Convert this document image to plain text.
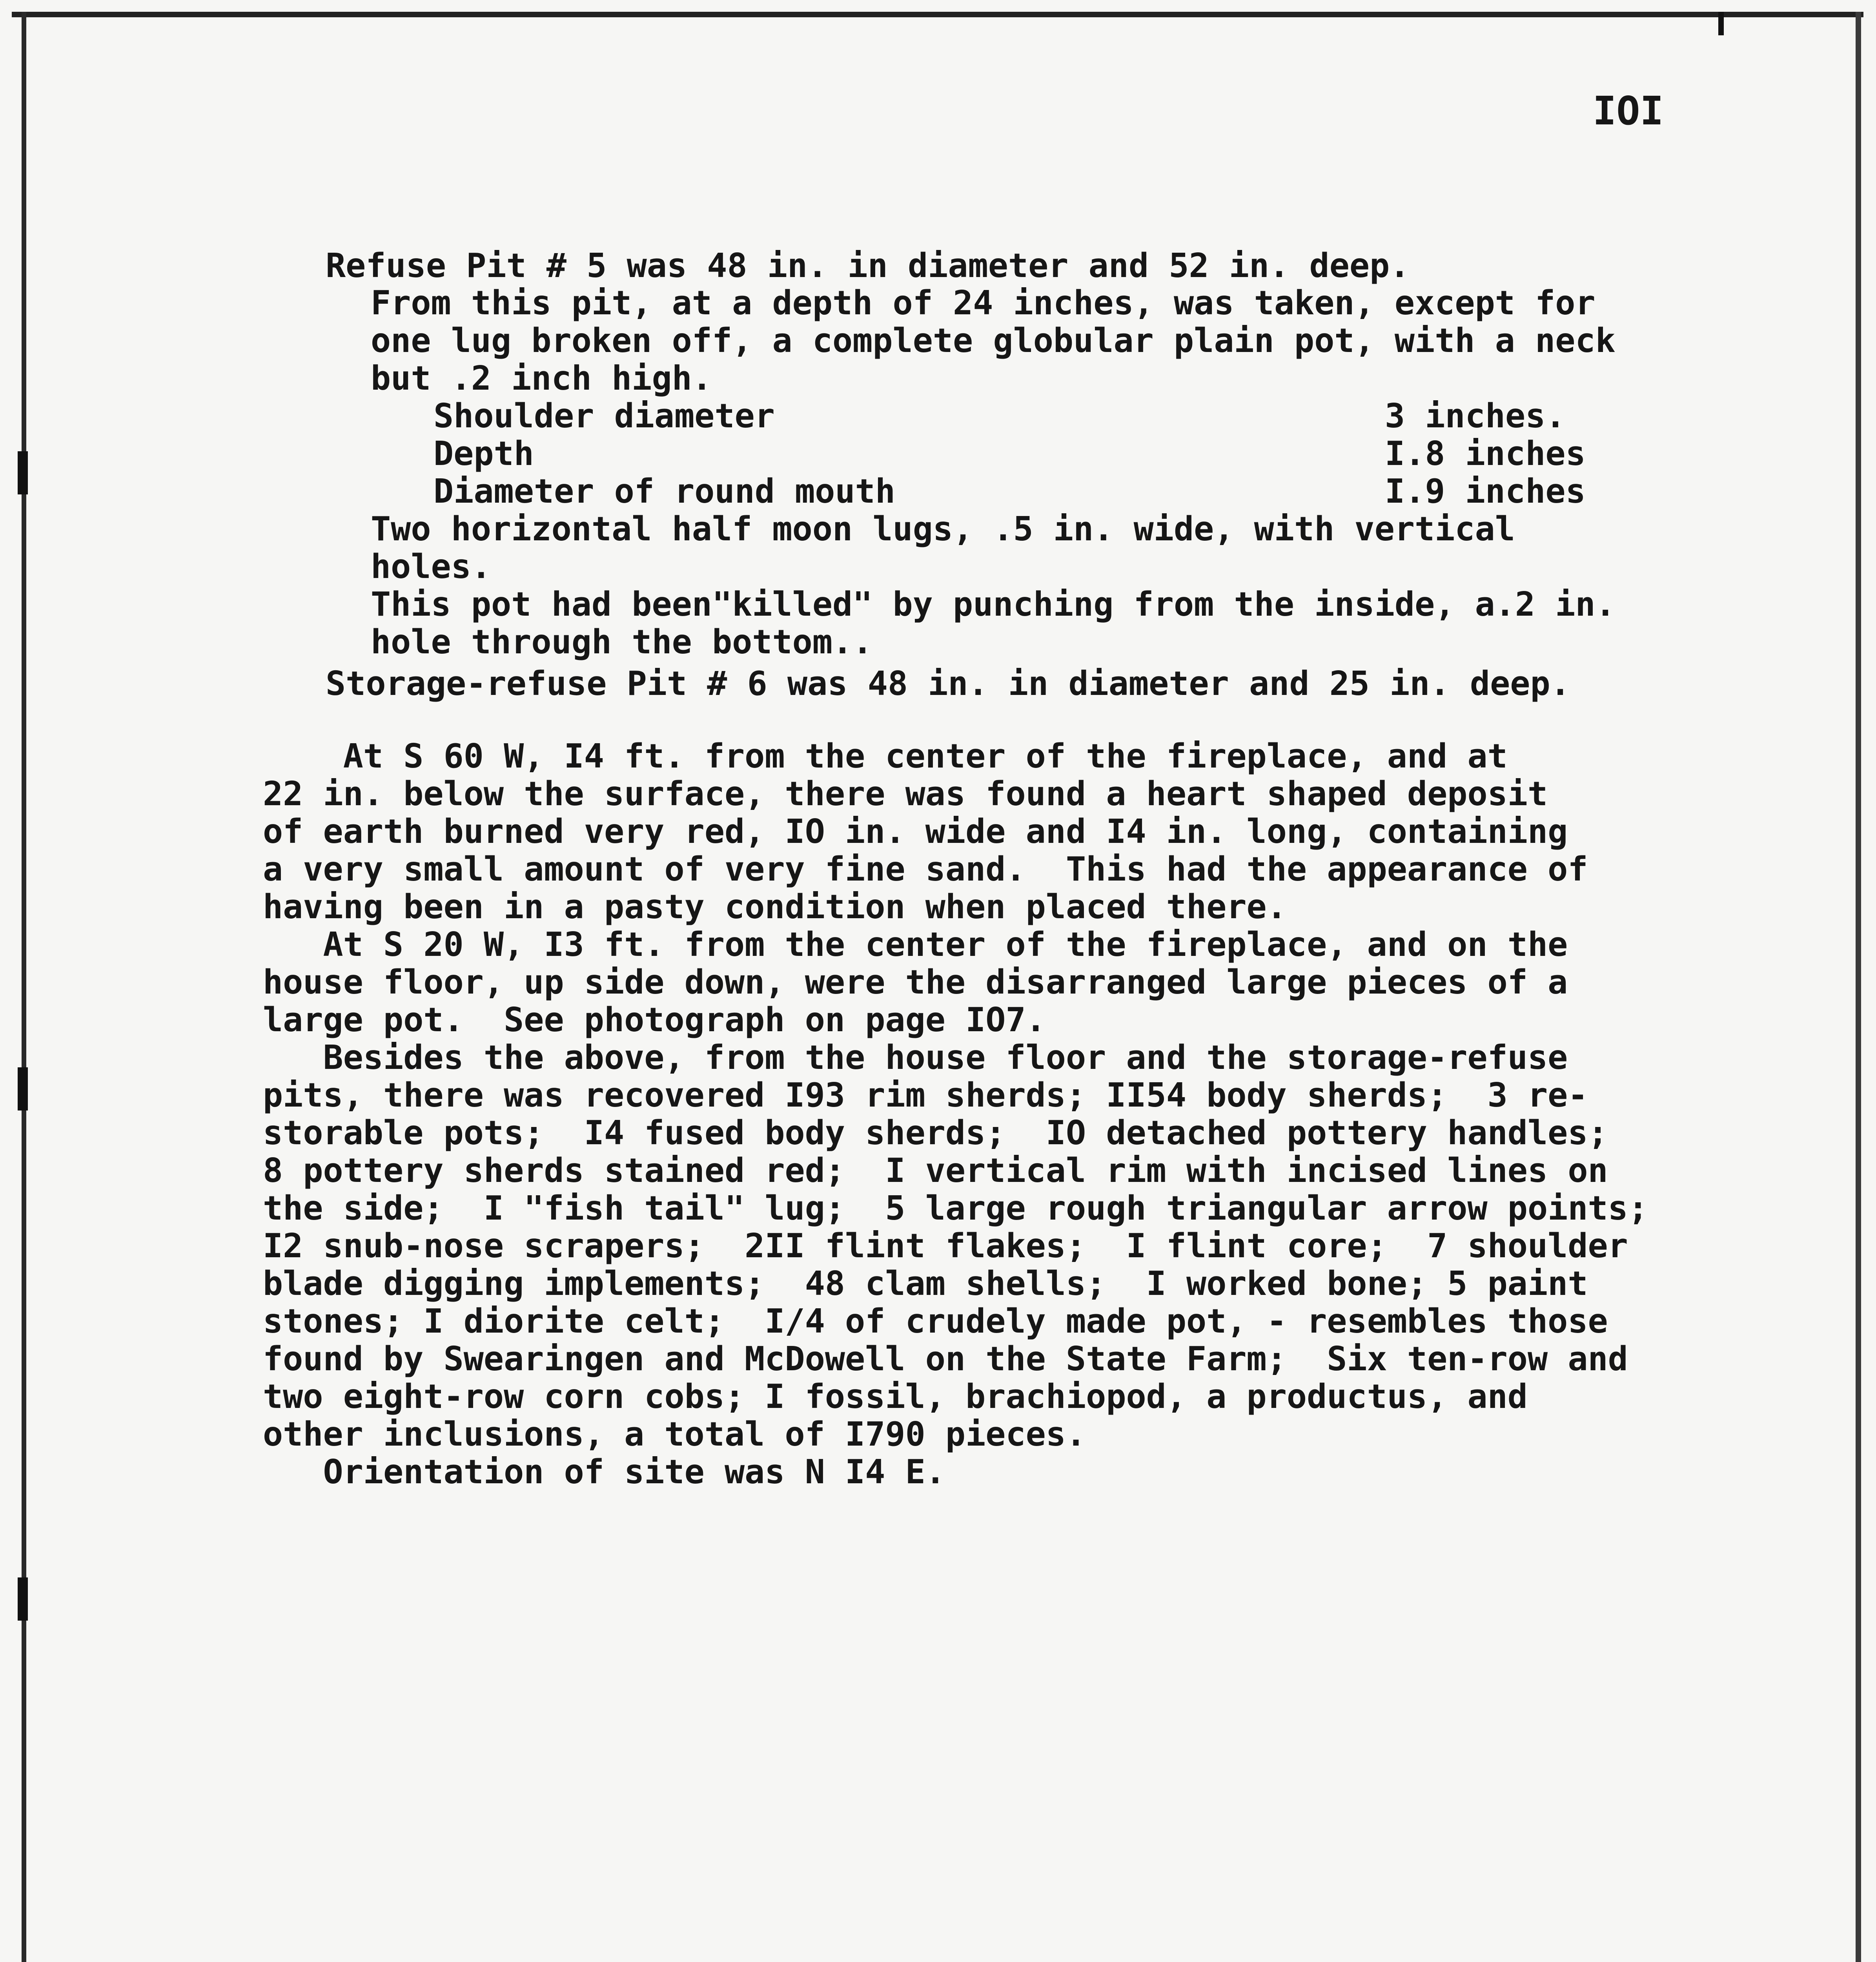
IOI

Refuse Pit # 5 was 48 in. in diameter and 52 in. deep.

From this pit, at a depth of 24 inches, was taken, except for

one lug broken off, a complete globular plain pot, with a neck

but .2 inch high.

Shoulder diameter	3 inches.

Depth	I.8 inches

Diameter of round mouth	I.9 inches

Two horizontal half moon lugs, .5 in. wide, with vertical

holes.

This pot had been"killed" by punching from the inside, a.2 in.

hole through the bottom..

Storage-refuse Pit # 6 was 48 in. in diameter and 25 in. deep.

At S 60 W, I4 ft. from the center of the fireplace, and at

22 in. below the surface, there was found a heart shaped deposit

of earth burned very red, IO in. wide and I4 in. long, containing

a very small amount of very fine sand.  This had the appearance of

having been in a pasty condition when placed there.

At S 20 W, I3 ft. from the center of the fireplace, and on the

house floor, up side down, were the disarranged large pieces of a

large pot.  See photograph on page IO7.

Besides the above, from the house floor and the storage-refuse

pits, there was recovered I93 rim sherds; II54 body sherds;  3 re-

storable pots;  I4 fused body sherds;  IO detached pottery handles;

8 pottery sherds stained red;  I vertical rim with incised lines on

the side;  I "fish tail" lug;  5 large rough triangular arrow points;

I2 snub-nose scrapers;  2II flint flakes;  I flint core;  7 shoulder

blade digging implements;  48 clam shells;  I worked bone; 5 paint

stones; I diorite celt;  I/4 of crudely made pot, - resembles those

found by Swearingen and McDowell on the State Farm;  Six ten-row and

two eight-row corn cobs; I fossil, brachiopod, a productus, and

other inclusions, a total of I790 pieces.

Orientation of site was N I4 E.
